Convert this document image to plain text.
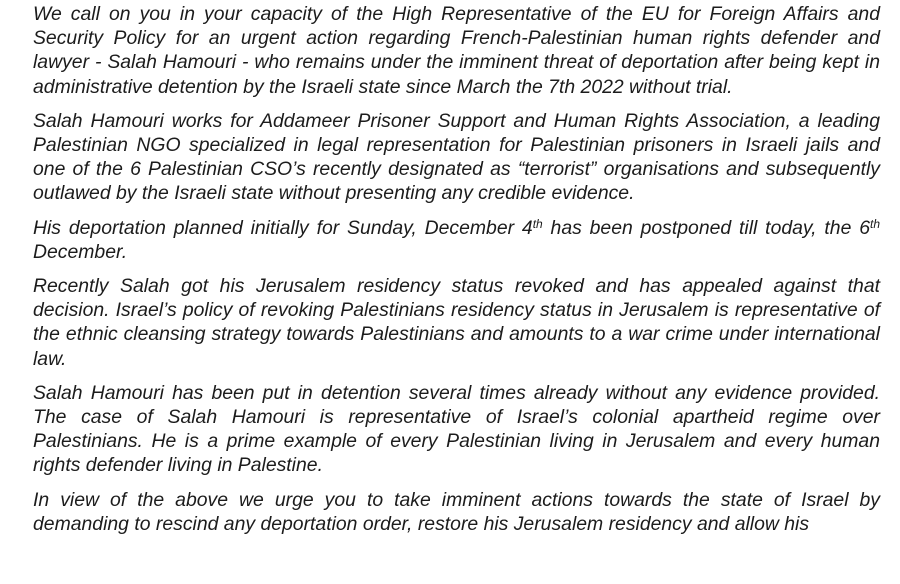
We call on you in your capacity of the High Representative of the EU for Foreign Affairs and Security Policy for an urgent action regarding French-Palestinian human rights defender and lawyer - Salah Hamouri - who remains under the imminent threat of deportation after being kept in administrative detention by the Israeli state since March the 7th 2022 without trial.

Salah Hamouri works for Addameer Prisoner Support and Human Rights Association, a leading Palestinian NGO specialized in legal representation for Palestinian prisoners in Israeli jails and one of the 6 Palestinian CSO’s recently designated as “terrorist” organisations and subsequently outlawed by the Israeli state without presenting any credible evidence.

His deportation planned initially for Sunday, December 4th has been postponed till today, the 6th December.

Recently Salah got his Jerusalem residency status revoked and has appealed against that decision. Israel’s policy of revoking Palestinians residency status in Jerusalem is representative of the ethnic cleansing strategy towards Palestinians and amounts to a war crime under international law.

Salah Hamouri has been put in detention several times already without any evidence provided. The case of Salah Hamouri is representative of Israel’s colonial apartheid regime over Palestinians. He is a prime example of every Palestinian living in Jerusalem and every human rights defender living in Palestine.

In view of the above we urge you to take imminent actions towards the state of Israel by demanding to rescind any deportation order, restore his Jerusalem residency and allow his
